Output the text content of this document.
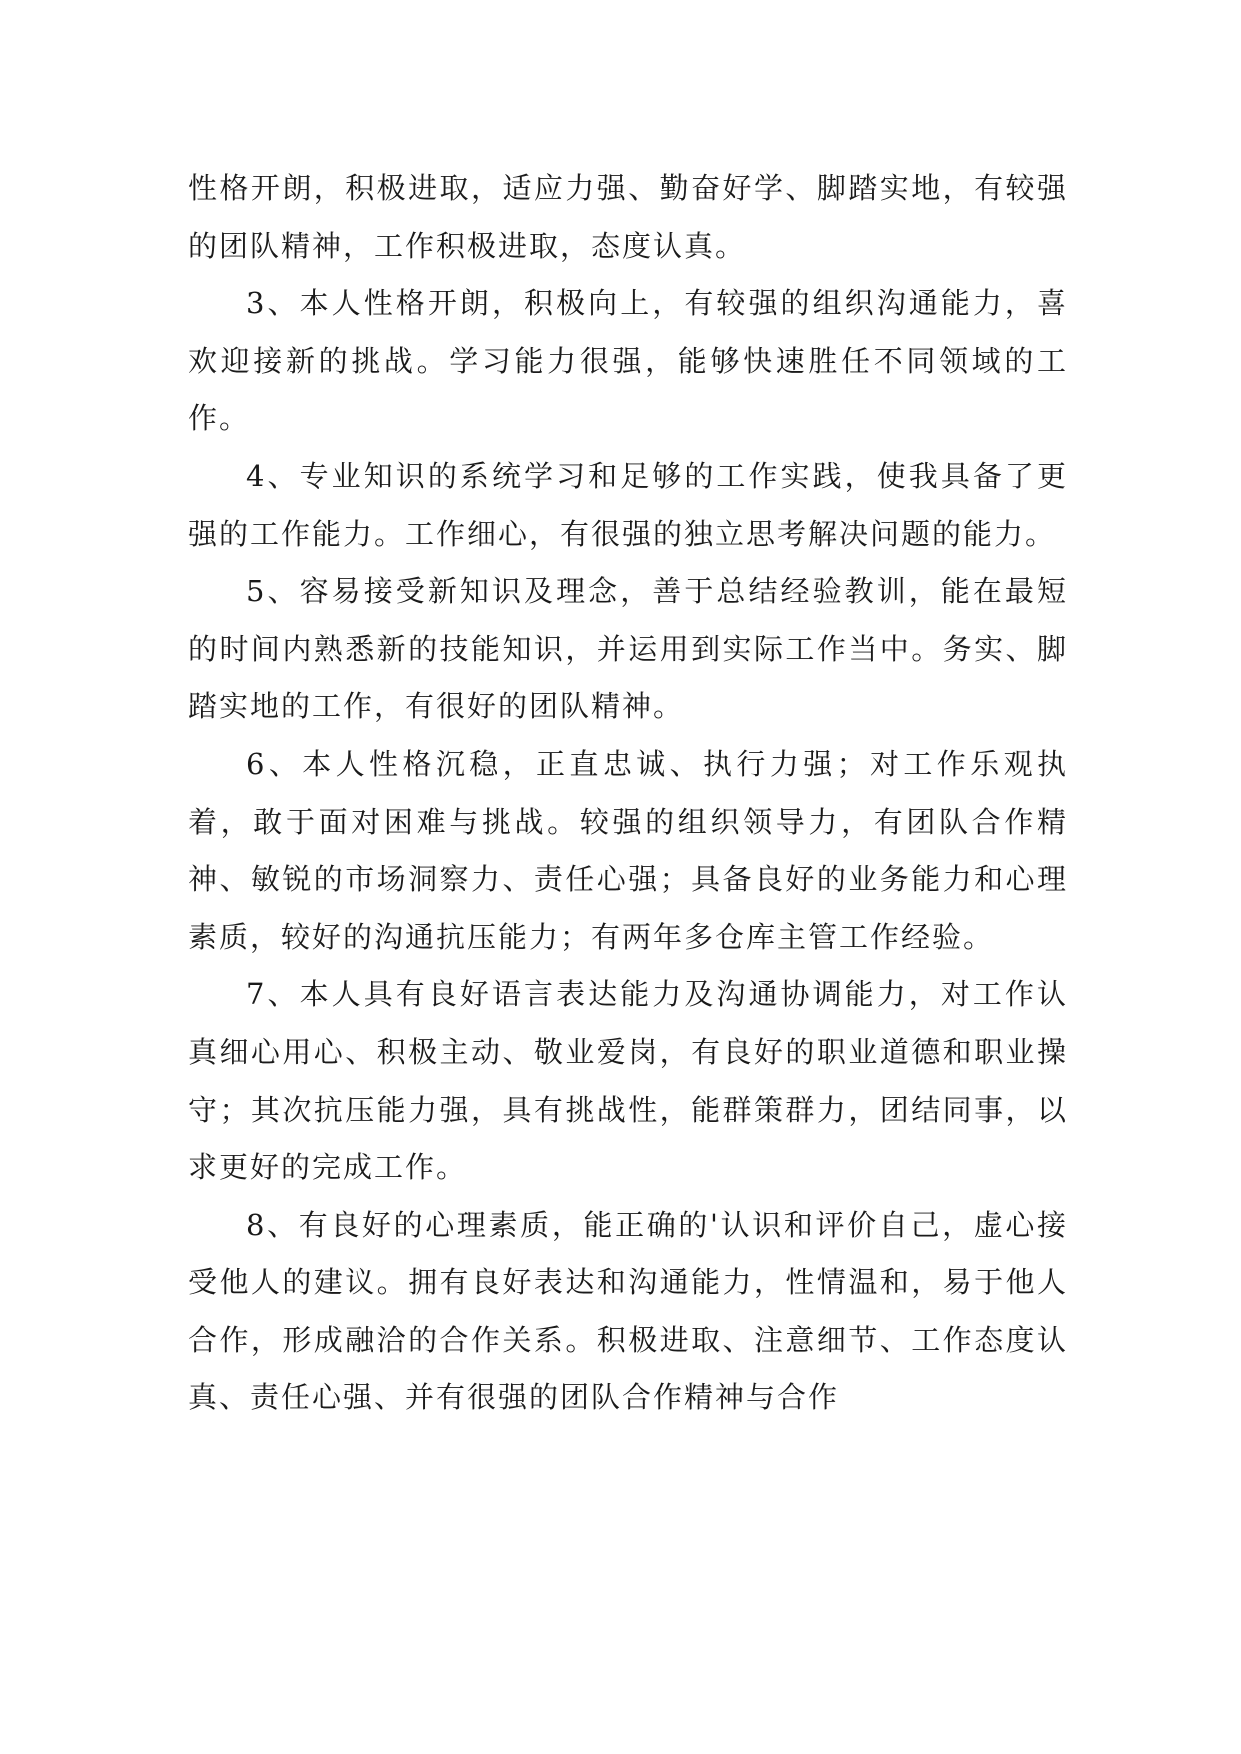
性格开朗，积极进取，适应力强、勤奋好学、脚踏实地，有较强的团队精神，工作积极进取，态度认真。

3、本人性格开朗，积极向上，有较强的组织沟通能力，喜欢迎接新的挑战。学习能力很强，能够快速胜任不同领域的工作。

4、专业知识的系统学习和足够的工作实践，使我具备了更强的工作能力。工作细心，有很强的独立思考解决问题的能力。

5、容易接受新知识及理念，善于总结经验教训，能在最短的时间内熟悉新的技能知识，并运用到实际工作当中。务实、脚踏实地的工作，有很好的团队精神。

6、本人性格沉稳，正直忠诚、执行力强；对工作乐观执着，敢于面对困难与挑战。较强的组织领导力，有团队合作精神、敏锐的市场洞察力、责任心强；具备良好的业务能力和心理素质，较好的沟通抗压能力；有两年多仓库主管工作经验。

7、本人具有良好语言表达能力及沟通协调能力，对工作认真细心用心、积极主动、敬业爱岗，有良好的职业道德和职业操守；其次抗压能力强，具有挑战性，能群策群力，团结同事，以求更好的完成工作。

8、有良好的心理素质，能正确的'认识和评价自己，虚心接受他人的建议。拥有良好表达和沟通能力，性情温和，易于他人合作，形成融洽的合作关系。积极进取、注意细节、工作态度认真、责任心强、并有很强的团队合作精神与合作
